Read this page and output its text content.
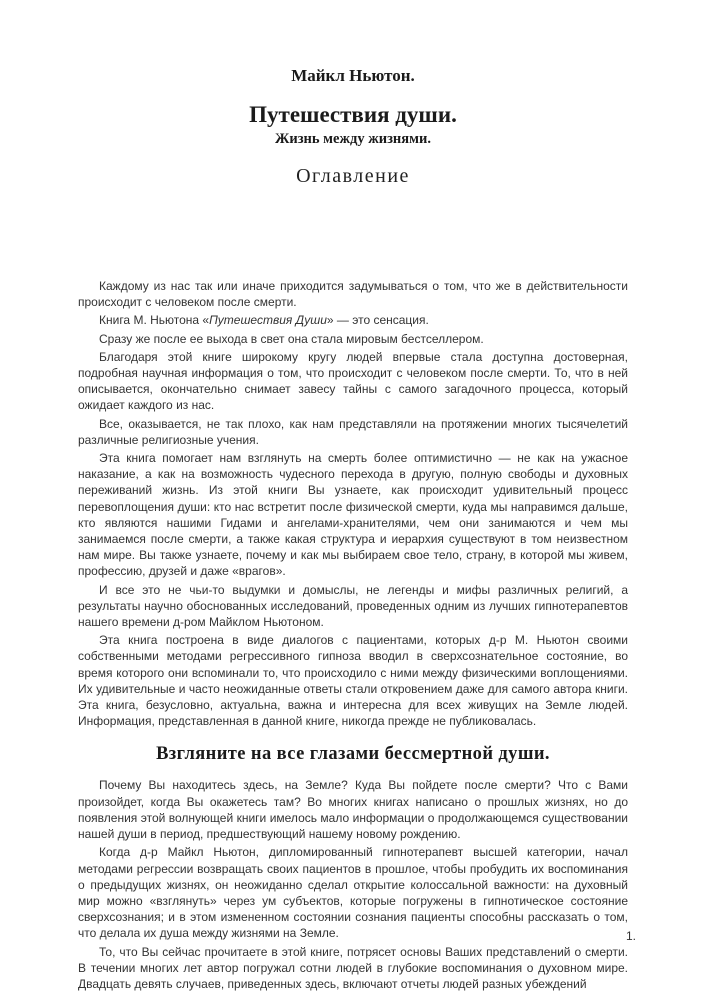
Майкл Ньютон.
Путешествия души.
Жизнь между жизнями.
Оглавление

Каждому из нас так или иначе приходится задумываться о том, что же в действительности происходит с человеком после смерти.

Книга М. Ньютона «Путешествия Души» — это сенсация.

Сразу же после ее выхода в свет она стала мировым бестселлером.

Благодаря этой книге широкому кругу людей впервые стала доступна достоверная, подробная научная информация о том, что происходит с человеком после смерти. То, что в ней описывается, окончательно снимает завесу тайны с самого загадочного процесса, который ожидает каждого из нас.

Все, оказывается, не так плохо, как нам представляли на протяжении многих тысячелетий различные религиозные учения.

Эта книга помогает нам взглянуть на смерть более оптимистично — не как на ужасное наказание, а как на возможность чудесного перехода в другую, полную свободы и духовных переживаний жизнь. Из этой книги Вы узнаете, как происходит удивительный процесс перевоплощения души: кто нас встретит после физической смерти, куда мы направимся дальше, кто являются нашими Гидами и ангелами-хранителями, чем они занимаются и чем мы занимаемся после смерти, а также какая структура и иерархия существуют в том неизвестном нам мире. Вы также узнаете, почему и как мы выбираем свое тело, страну, в которой мы живем, профессию, друзей и даже «врагов».

И все это не чьи-то выдумки и домыслы, не легенды и мифы различных религий, а результаты научно обоснованных исследований, проведенных одним из лучших гипнотерапевтов нашего времени д-ром Майклом Ньютоном.

Эта книга построена в виде диалогов с пациентами, которых д-р М. Ньютон своими собственными методами регрессивного гипноза вводил в сверхсознательное состояние, во время которого они вспоминали то, что происходило с ними между физическими воплощениями. Их удивительные и часто неожиданные ответы стали откровением даже для самого автора книги. Эта книга, безусловно, актуальна, важна и интересна для всех живущих на Земле людей. Информация, представленная в данной книге, никогда прежде не публиковалась.

Взгляните на все глазами бессмертной души.

Почему Вы находитесь здесь, на Земле? Куда Вы пойдете после смерти? Что с Вами произойдет, когда Вы окажетесь там? Во многих книгах написано о прошлых жизнях, но до появления этой волнующей книги имелось мало информации о продолжающемся существовании нашей души в период, предшествующий нашему новому рождению.

Когда д-р Майкл Ньютон, дипломированный гипнотерапевт высшей категории, начал методами регрессии возвращать своих пациентов в прошлое, чтобы пробудить их воспоминания о предыдущих жизнях, он неожиданно сделал открытие колоссальной важности: на духовный мир можно «взглянуть» через ум субъектов, которые погружены в гипнотическое состояние сверхсознания; и в этом измененном состоянии сознания пациенты способны рассказать о том, что делала их душа между жизнями на Земле.

То, что Вы сейчас прочитаете в этой книге, потрясет основы Ваших представлений о смерти. В течении многих лет автор погружал сотни людей в глубокие воспоминания о духовном мире. Двадцать девять случаев, приведенных здесь, включают отчеты людей разных убеждений

1.
